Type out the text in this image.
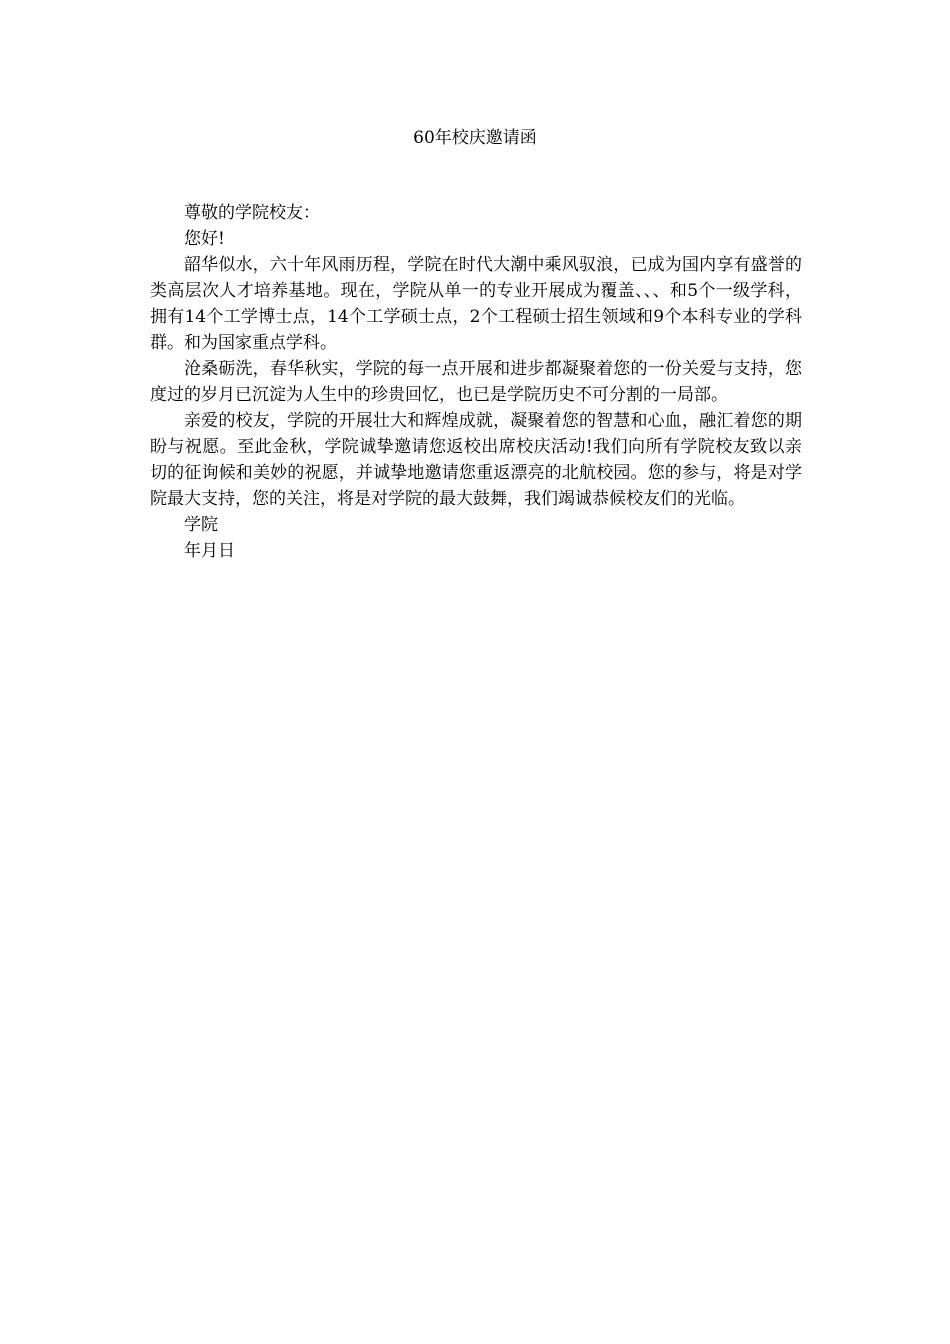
60年校庆邀请函

尊敬的学院校友：

您好!

韶华似水，六十年风雨历程，学院在时代大潮中乘风驭浪，已成为国内享有盛誉的类高层次人才培养基地。现在，学院从单一的专业开展成为覆盖、、、和5个一级学科，拥有14个工学博士点，14个工学硕士点，2个工程硕士招生领域和9个本科专业的学科群。和为国家重点学科。

沧桑砺洗，春华秋实，学院的每一点开展和进步都凝聚着您的一份关爱与支持，您度过的岁月已沉淀为人生中的珍贵回忆，也已是学院历史不可分割的一局部。

亲爱的校友，学院的开展壮大和辉煌成就，凝聚着您的智慧和心血，融汇着您的期盼与祝愿。至此金秋，学院诚挚邀请您返校出席校庆活动!我们向所有学院校友致以亲切的征询候和美妙的祝愿，并诚挚地邀请您重返漂亮的北航校园。您的参与，将是对学院最大支持，您的关注，将是对学院的最大鼓舞，我们竭诚恭候校友们的光临。

学院

年月日
